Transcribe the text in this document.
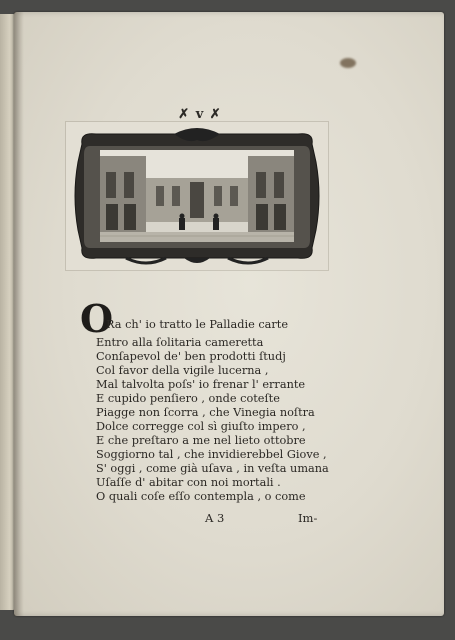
✗ v ✗
O
Ra ch' io tratto le Palladie carte
Entro alla ſolitaria cameretta
Conſapevol de' ben prodotti ſtudj
Col favor della vigile lucerna ,
Mal talvolta poſs' io frenar l' errante
E cupido penſiero , onde coteſte
Piagge non ſcorra , che Vinegia noſtra
Dolce corregge col sì giuſto impero ,
E che preſtaro a me nel lieto ottobre
Soggiorno tal , che invidierebbel Giove ,
S' oggi , come già uſava , in veſta umana
Uſaſſe d' abitar con noi mortali .
O quali coſe eſſo contempla , o come
A 3	Im-
